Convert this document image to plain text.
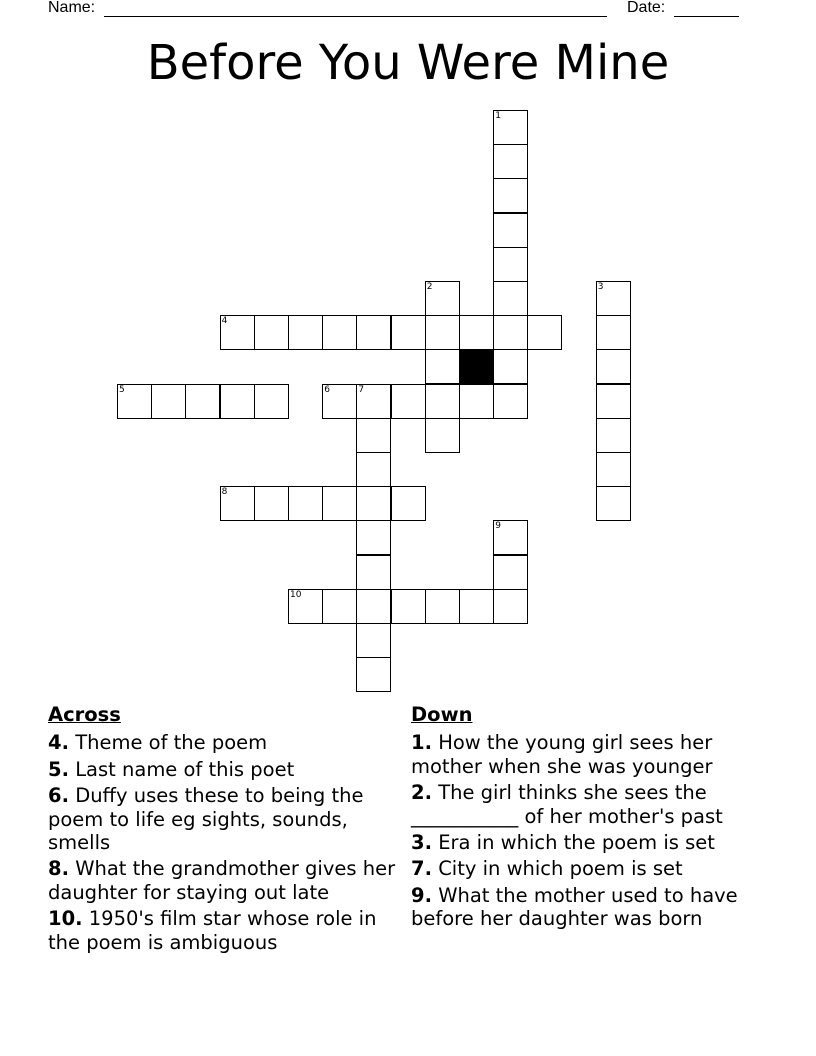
Name:	Date:
Before You Were Mine
1
2	3
4
5	6	7
8
9
10
Across
4. Theme of the poem
5. Last name of this poet
6. Duffy uses these to being the poem to life eg sights, sounds, smells
8. What the grandmother gives her daughter for staying out late
10. 1950's film star whose role in the poem is ambiguous
Down
1. How the young girl sees her mother when she was younger
2. The girl thinks she sees the ___________ of her mother's past
3. Era in which the poem is set
7. City in which poem is set
9. What the mother used to have before her daughter was born
